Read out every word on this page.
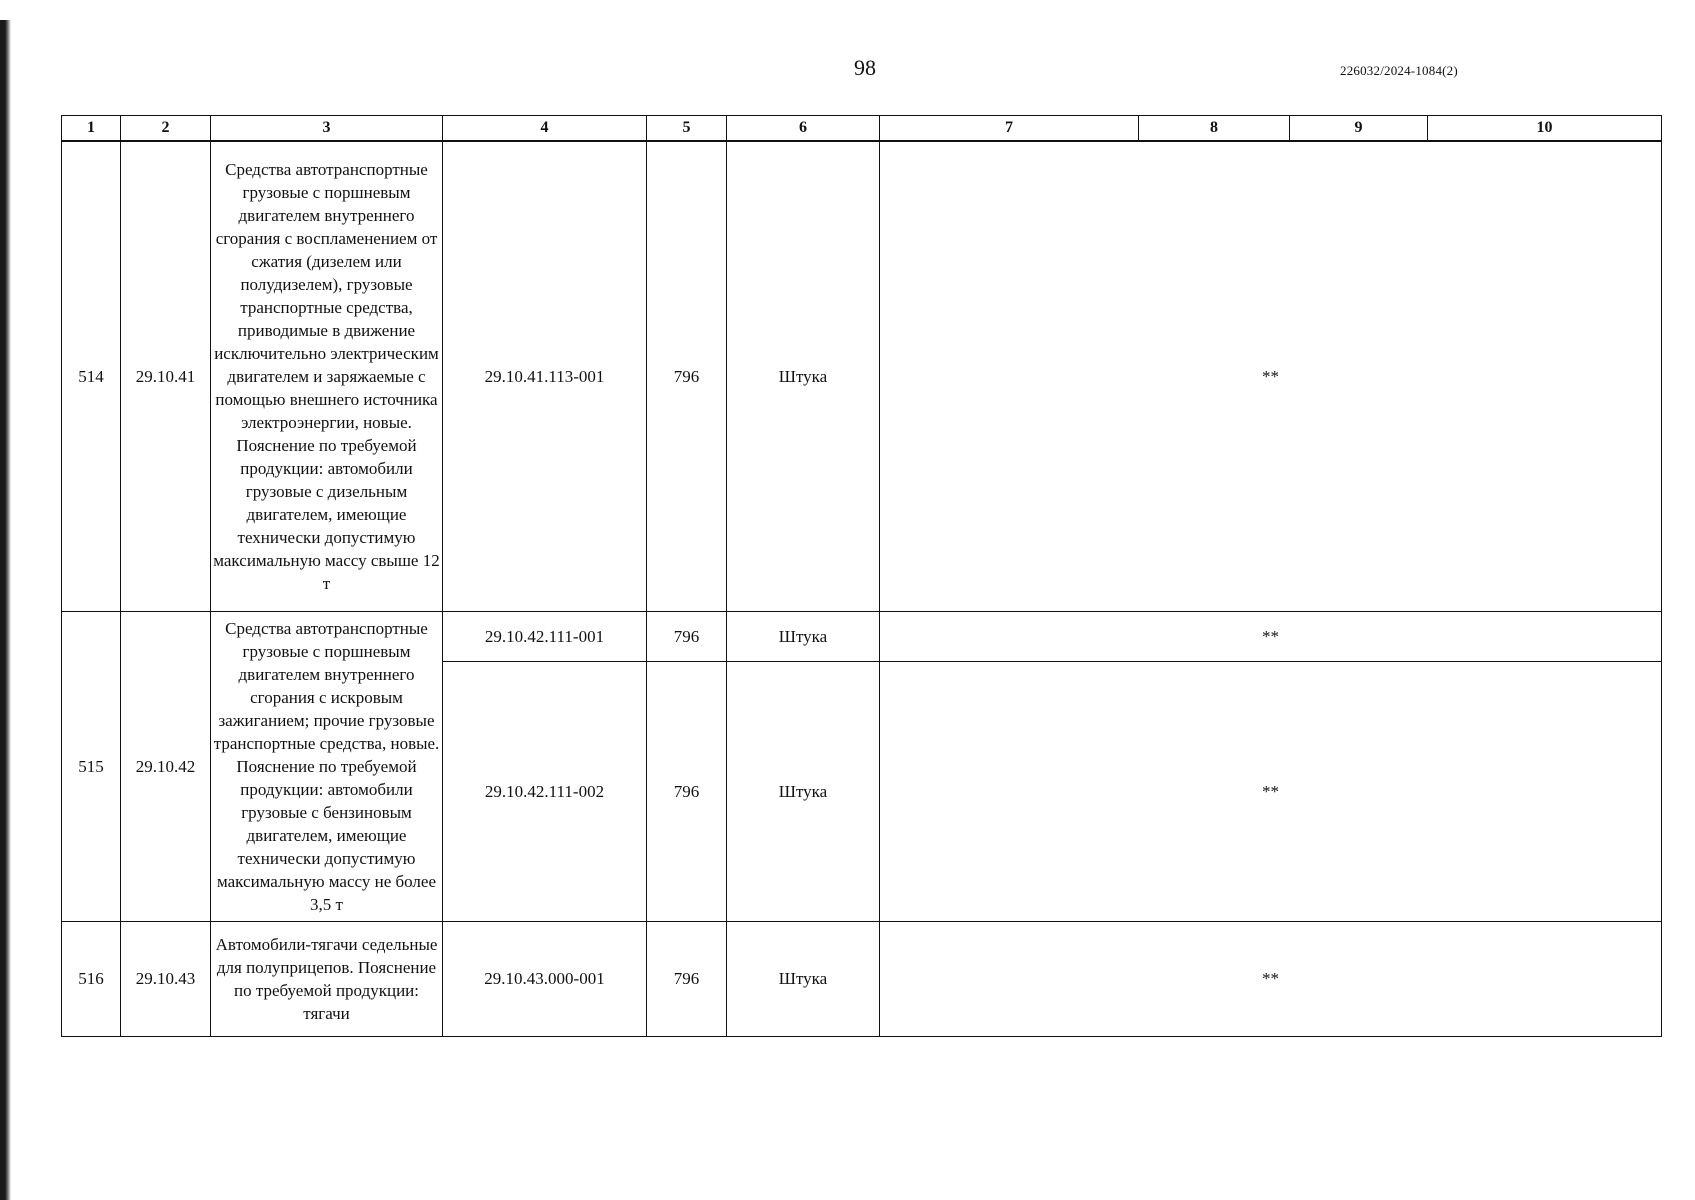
98	226032/2024-1084(2)
1	2	3	4	5	6	7	8	9	10
514	29.10.41	Средства автотранспортные грузовые с поршневым двигателем внутреннего сгорания с воспламенением от сжатия (дизелем или полудизелем), грузовые транспортные средства, приводимые в движение исключительно электрическим двигателем и заряжаемые с помощью внешнего источника электроэнергии, новые. Пояснение по требуемой продукции: автомобили грузовые с дизельным двигателем, имеющие технически допустимую максимальную массу свыше 12 т	29.10.41.113-001	796	Штука	**			
515	29.10.42	Средства автотранспортные грузовые с поршневым двигателем внутреннего сгорания с искровым зажиганием; прочие грузовые транспортные средства, новые. Пояснение по требуемой продукции: автомобили грузовые с бензиновым двигателем, имеющие технически допустимую максимальную массу не более 3,5 т	29.10.42.111-001	796	Штука	**			
			29.10.42.111-002	796	Штука	**			
516	29.10.43	Автомобили-тягачи седельные для полуприцепов. Пояснение по требуемой продукции: тягачи	29.10.43.000-001	796	Штука	**			
